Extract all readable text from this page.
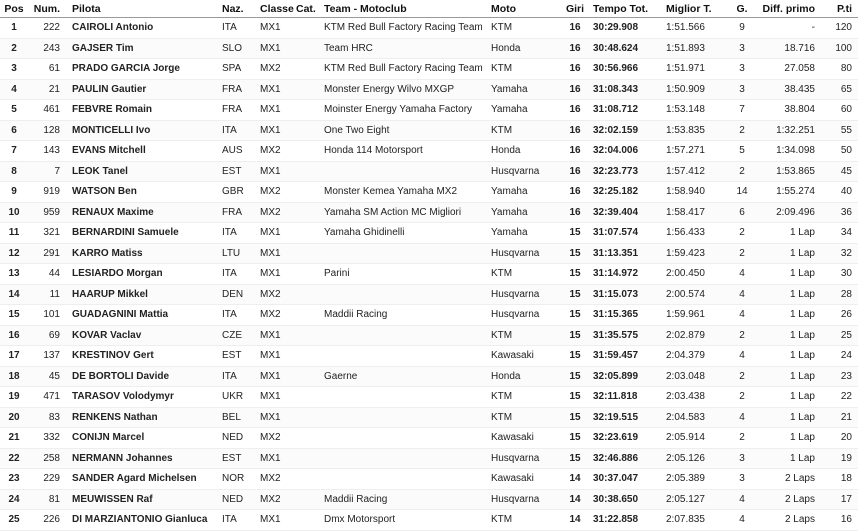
Pos	Num.	Pilota	Naz.	Classe	Cat.	Team - Motoclub	Moto	Giri	Tempo Tot.	Miglior T.	G.	Diff. primo	P.ti
1	222	CAIROLI Antonio	ITA	MX1		KTM Red Bull Factory Racing Team	KTM	16	30:29.908	1:51.566	9	-	120
2	243	GAJSER Tim	SLO	MX1		Team HRC	Honda	16	30:48.624	1:51.893	3	18.716	100
3	61	PRADO GARCIA Jorge	SPA	MX2		KTM Red Bull Factory Racing Team	KTM	16	30:56.966	1:51.971	3	27.058	80
4	21	PAULIN Gautier	FRA	MX1		Monster Energy Wilvo MXGP	Yamaha	16	31:08.343	1:50.909	3	38.435	65
5	461	FEBVRE Romain	FRA	MX1		Moinster Energy Yamaha Factory	Yamaha	16	31:08.712	1:53.148	7	38.804	60
6	128	MONTICELLI Ivo	ITA	MX1		One Two Eight	KTM	16	32:02.159	1:53.835	2	1:32.251	55
7	143	EVANS Mitchell	AUS	MX2		Honda 114 Motorsport	Honda	16	32:04.006	1:57.271	5	1:34.098	50
8	7	LEOK Tanel	EST	MX1			Husqvarna	16	32:23.773	1:57.412	2	1:53.865	45
9	919	WATSON Ben	GBR	MX2		Monster Kemea Yamaha MX2	Yamaha	16	32:25.182	1:58.940	14	1:55.274	40
10	959	RENAUX Maxime	FRA	MX2		Yamaha SM Action MC Migliori	Yamaha	16	32:39.404	1:58.417	6	2:09.496	36
11	321	BERNARDINI Samuele	ITA	MX1		Yamaha Ghidinelli	Yamaha	15	31:07.574	1:56.433	2	1 Lap	34
12	291	KARRO Matiss	LTU	MX1			Husqvarna	15	31:13.351	1:59.423	2	1 Lap	32
13	44	LESIARDO Morgan	ITA	MX1		Parini	KTM	15	31:14.972	2:00.450	4	1 Lap	30
14	11	HAARUP Mikkel	DEN	MX2			Husqvarna	15	31:15.073	2:00.574	4	1 Lap	28
15	101	GUADAGNINI Mattia	ITA	MX2		Maddii Racing	Husqvarna	15	31:15.365	1:59.961	4	1 Lap	26
16	69	KOVAR Vaclav	CZE	MX1			KTM	15	31:35.575	2:02.879	2	1 Lap	25
17	137	KRESTINOV Gert	EST	MX1			Kawasaki	15	31:59.457	2:04.379	4	1 Lap	24
18	45	DE BORTOLI Davide	ITA	MX1		Gaerne	Honda	15	32:05.899	2:03.048	2	1 Lap	23
19	471	TARASOV Volodymyr	UKR	MX1			KTM	15	32:11.818	2:03.438	2	1 Lap	22
20	83	RENKENS Nathan	BEL	MX1			KTM	15	32:19.515	2:04.583	4	1 Lap	21
21	332	CONIJN Marcel	NED	MX2			Kawasaki	15	32:23.619	2:05.914	2	1 Lap	20
22	258	NERMANN Johannes	EST	MX1			Husqvarna	15	32:46.886	2:05.126	3	1 Lap	19
23	229	SANDER Agard Michelsen	NOR	MX2			Kawasaki	14	30:37.047	2:05.389	3	2 Laps	18
24	81	MEUWISSEN Raf	NED	MX2		Maddii Racing	Husqvarna	14	30:38.650	2:05.127	4	2 Laps	17
25	226	DI MARZIANTONIO Gianluca	ITA	MX1		Dmx Motorsport	KTM	14	31:22.858	2:07.835	4	2 Laps	16
